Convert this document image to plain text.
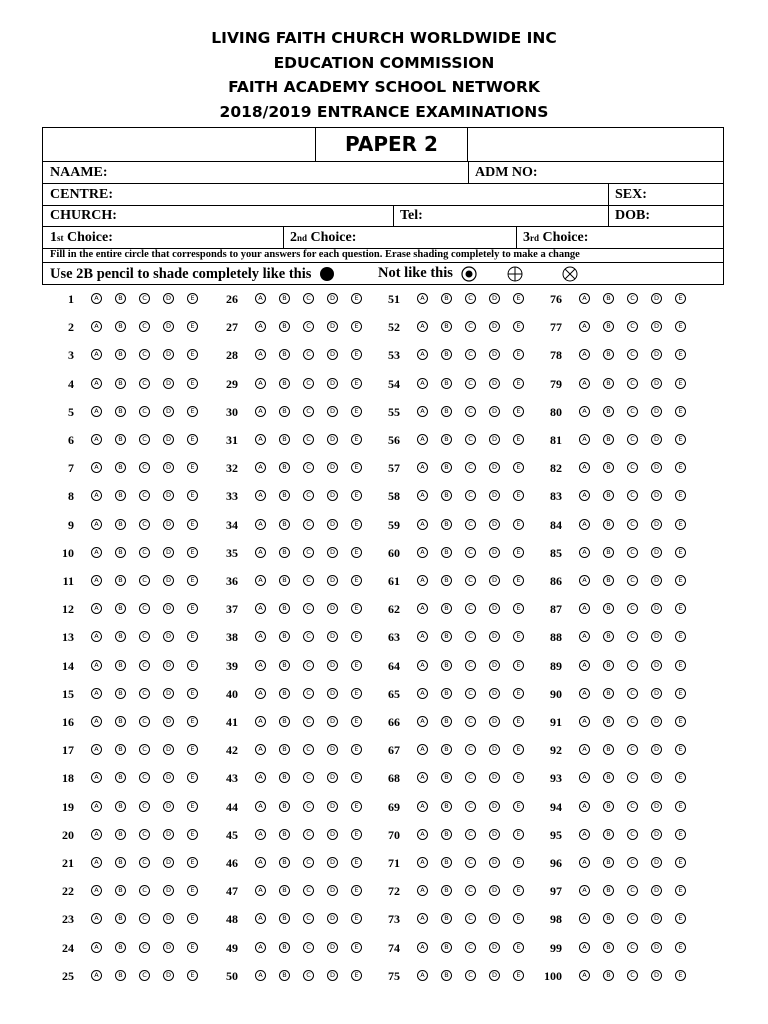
LIVING FAITH CHURCH WORLDWIDE INC
EDUCATION COMMISSION
FAITH ACADEMY SCHOOL NETWORK
2018/2019 ENTRANCE EXAMINATIONS
PAPER 2
NAAME:	ADM NO:
CENTRE:	SEX:
CHURCH:	Tel:	DOB:
1 st Choice:	2 nd Choice:	3 rd Choice:
Fill in the entire circle that corresponds to your answers for each question. Erase shading completely to make a change
Use 2B pencil to shade completely like this	Not like this
1	A	B	C	D	E
2	A	B	C	D	E
3	A	B	C	D	E
4	A	B	C	D	E
5	A	B	C	D	E
6	A	B	C	D	E
7	A	B	C	D	E
8	A	B	C	D	E
9	A	B	C	D	E
10	A	B	C	D	E
11	A	B	C	D	E
12	A	B	C	D	E
13	A	B	C	D	E
14	A	B	C	D	E
15	A	B	C	D	E
16	A	B	C	D	E
17	A	B	C	D	E
18	A	B	C	D	E
19	A	B	C	D	E
20	A	B	C	D	E
21	A	B	C	D	E
22	A	B	C	D	E
23	A	B	C	D	E
24	A	B	C	D	E
25	A	B	C	D	E
26	A	B	C	D	E
27	A	B	C	D	E
28	A	B	C	D	E
29	A	B	C	D	E
30	A	B	C	D	E
31	A	B	C	D	E
32	A	B	C	D	E
33	A	B	C	D	E
34	A	B	C	D	E
35	A	B	C	D	E
36	A	B	C	D	E
37	A	B	C	D	E
38	A	B	C	D	E
39	A	B	C	D	E
40	A	B	C	D	E
41	A	B	C	D	E
42	A	B	C	D	E
43	A	B	C	D	E
44	A	B	C	D	E
45	A	B	C	D	E
46	A	B	C	D	E
47	A	B	C	D	E
48	A	B	C	D	E
49	A	B	C	D	E
50	A	B	C	D	E
51	A	B	C	D	E
52	A	B	C	D	E
53	A	B	C	D	E
54	A	B	C	D	E
55	A	B	C	D	E
56	A	B	C	D	E
57	A	B	C	D	E
58	A	B	C	D	E
59	A	B	C	D	E
60	A	B	C	D	E
61	A	B	C	D	E
62	A	B	C	D	E
63	A	B	C	D	E
64	A	B	C	D	E
65	A	B	C	D	E
66	A	B	C	D	E
67	A	B	C	D	E
68	A	B	C	D	E
69	A	B	C	D	E
70	A	B	C	D	E
71	A	B	C	D	E
72	A	B	C	D	E
73	A	B	C	D	E
74	A	B	C	D	E
75	A	B	C	D	E
76	A	B	C	D	E
77	A	B	C	D	E
78	A	B	C	D	E
79	A	B	C	D	E
80	A	B	C	D	E
81	A	B	C	D	E
82	A	B	C	D	E
83	A	B	C	D	E
84	A	B	C	D	E
85	A	B	C	D	E
86	A	B	C	D	E
87	A	B	C	D	E
88	A	B	C	D	E
89	A	B	C	D	E
90	A	B	C	D	E
91	A	B	C	D	E
92	A	B	C	D	E
93	A	B	C	D	E
94	A	B	C	D	E
95	A	B	C	D	E
96	A	B	C	D	E
97	A	B	C	D	E
98	A	B	C	D	E
99	A	B	C	D	E
100	A	B	C	D	E
